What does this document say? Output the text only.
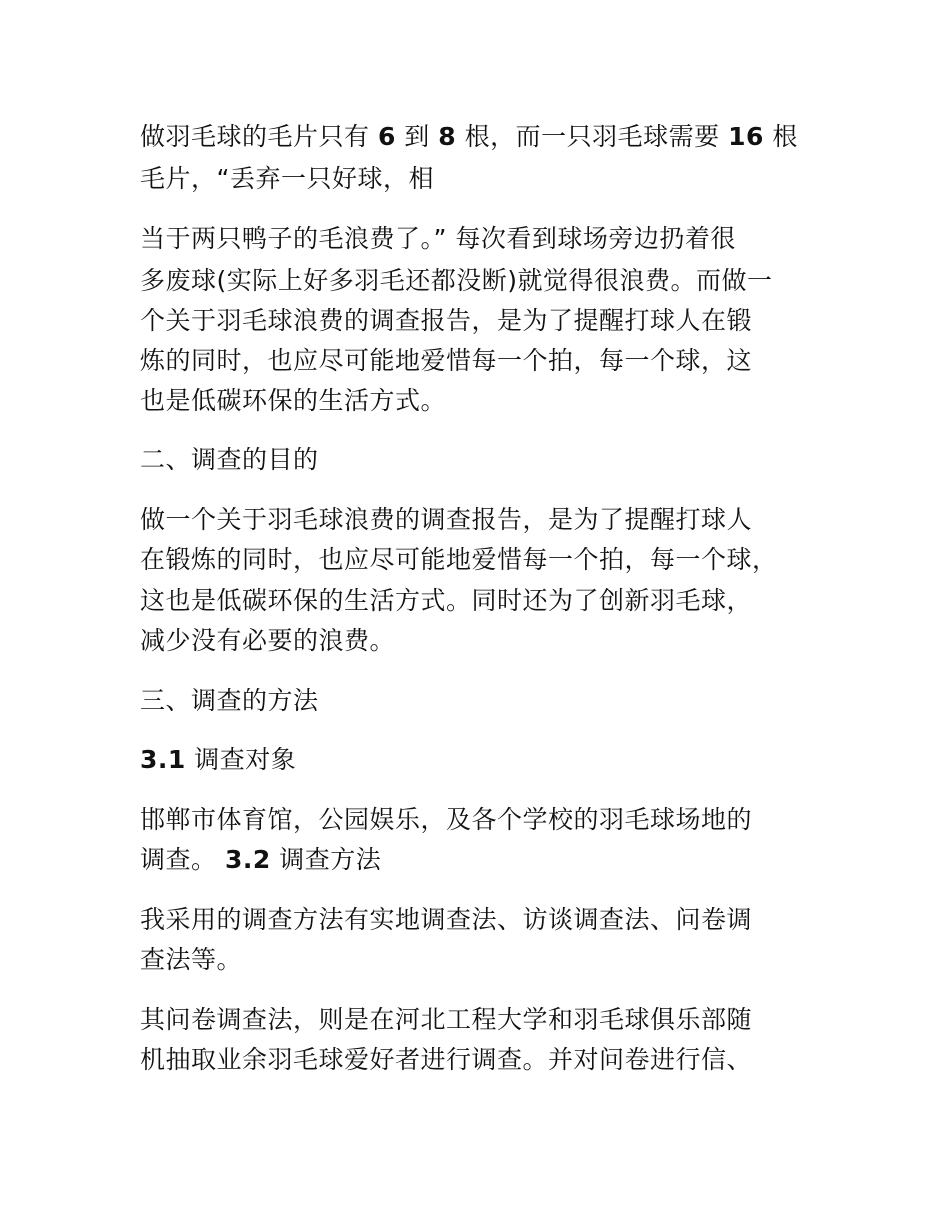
做羽毛球的毛片只有 6 到 8 根，而一只羽毛球需要 16 根
毛片，“丢弃一只好球，相
当于两只鸭子的毛浪费了。” 每次看到球场旁边扔着很
多废球(实际上好多羽毛还都没断)就觉得很浪费。而做一
个关于羽毛球浪费的调查报告，是为了提醒打球人在锻
炼的同时，也应尽可能地爱惜每一个拍，每一个球，这
也是低碳环保的生活方式。
二、调查的目的
做一个关于羽毛球浪费的调查报告，是为了提醒打球人
在锻炼的同时，也应尽可能地爱惜每一个拍，每一个球，
这也是低碳环保的生活方式。同时还为了创新羽毛球，
减少没有必要的浪费。
三、调查的方法
3.1 调查对象
邯郸市体育馆，公园娱乐，及各个学校的羽毛球场地的
调查。 3.2 调查方法
我采用的调查方法有实地调查法、访谈调查法、问卷调
查法等。
其问卷调查法，则是在河北工程大学和羽毛球俱乐部随
机抽取业余羽毛球爱好者进行调查。并对问卷进行信、
